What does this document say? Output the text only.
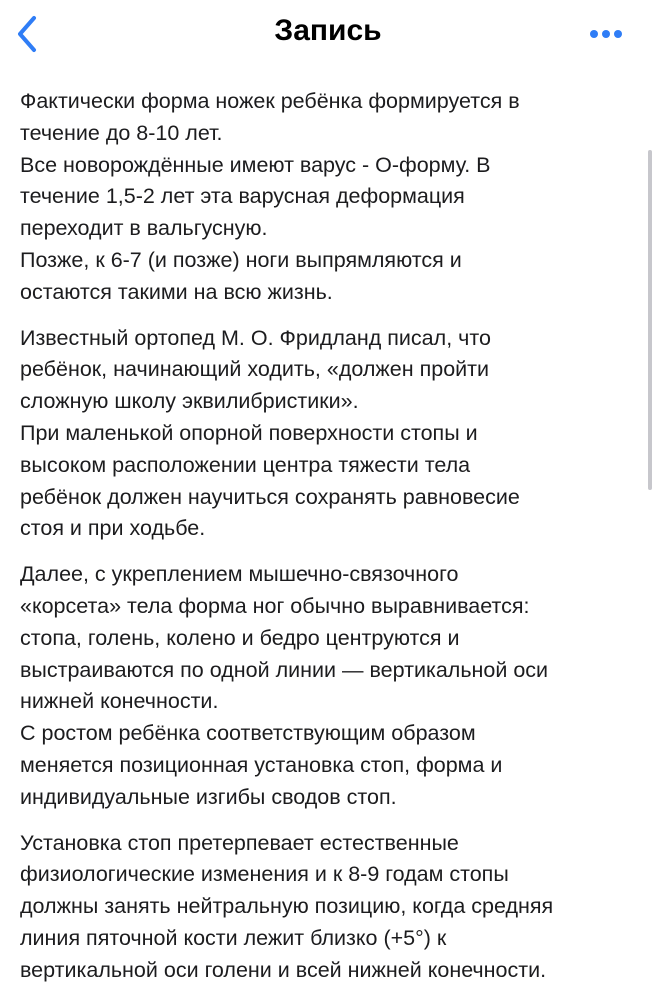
Запись
Фактически форма ножек ребёнка формируется в
течение до 8-10 лет.
Все новорождённые имеют варус - О-форму. В
течение 1,5-2 лет эта варусная деформация
переходит в вальгусную.
Позже, к 6-7 (и позже) ноги выпрямляются и
остаются такими на всю жизнь.
Известный ортопед М. О. Фридланд писал, что
ребёнок, начинающий ходить, «должен пройти
сложную школу эквилибристики».
При маленькой опорной поверхности стопы и
высоком расположении центра тяжести тела
ребёнок должен научиться сохранять равновесие
стоя и при ходьбе.
Далее, с укреплением мышечно-связочного
«корсета» тела форма ног обычно выравнивается:
стопа, голень, колено и бедро центруются и
выстраиваются по одной линии — вертикальной оси
нижней конечности.
С ростом ребёнка соответствующим образом
меняется позиционная установка стоп, форма и
индивидуальные изгибы сводов стоп.
Установка стоп претерпевает естественные
физиологические изменения и к 8-9 годам стопы
должны занять нейтральную позицию, когда средняя
линия пяточной кости лежит близко (+5°) к
вертикальной оси голени и всей нижней конечности.
